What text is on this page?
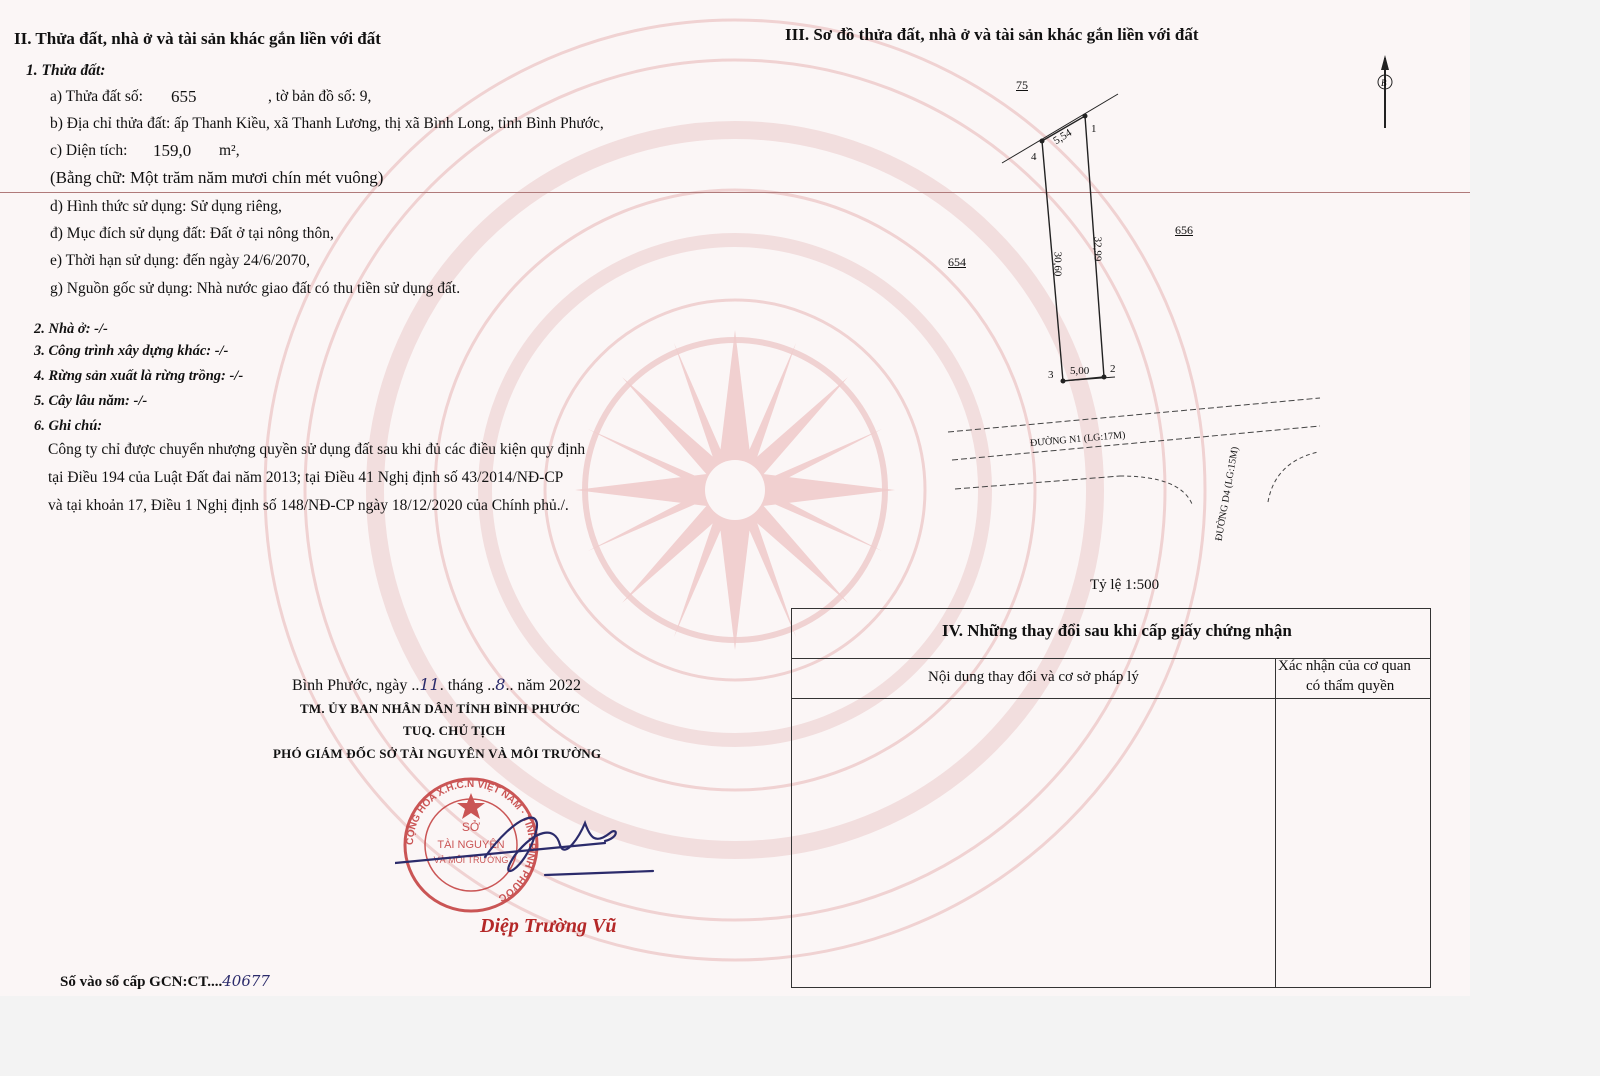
II. Thửa đất, nhà ở và tài sản khác gắn liền với đất
1. Thửa đất:
a) Thửa đất số: 655	, tờ bản đồ số: 9,
b) Địa chỉ thửa đất: ấp Thanh Kiều, xã Thanh Lương, thị xã Bình Long, tỉnh Bình Phước,
c) Diện tích: 159,0 m²,
(Bằng chữ: Một trăm năm mươi chín mét vuông)
d) Hình thức sử dụng: Sử dụng riêng,
đ) Mục đích sử dụng đất: Đất ở tại nông thôn,
e) Thời hạn sử dụng: đến ngày 24/6/2070,
g) Nguồn gốc sử dụng: Nhà nước giao đất có thu tiền sử dụng đất.
2. Nhà ở: -/-
3. Công trình xây dựng khác: -/-
4. Rừng sản xuất là rừng trồng: -/-
5. Cây lâu năm: -/-
6. Ghi chú:
Công ty chỉ được chuyển nhượng quyền sử dụng đất sau khi đủ các điều kiện quy định
tại Điều 194 của Luật Đất đai năm 2013; tại Điều 41 Nghị định số 43/2014/NĐ-CP
và tại khoản 17, Điều 1 Nghị định số 148/NĐ-CP ngày 18/12/2020 của Chính phủ./.
III. Sơ đồ thửa đất, nhà ở và tài sản khác gắn liền với đất
B
75
654
656
1
2
3
4
5,54
5,00
30,60
32,99
ĐƯỜNG N1 (LG:17M)
ĐƯỜNG D4 (LG:15M)
Tỷ lệ 1:500
IV. Những thay đổi sau khi cấp giấy chứng nhận
Nội dung thay đổi và cơ sở pháp lý
Xác nhận của cơ quan
có thẩm quyền
Bình Phước, ngày ..11. tháng ..8.. năm 2022
TM. ỦY BAN NHÂN DÂN TỈNH BÌNH PHƯỚC
TUQ. CHỦ TỊCH
PHÓ GIÁM ĐỐC SỞ TÀI NGUYÊN VÀ MÔI TRƯỜNG
CỘNG HÒA X.H.C.N VIỆT NAM · TỈNH BÌNH PHƯỚC
SỞ
TÀI NGUYÊN
VÀ MÔI TRƯỜNG
Diệp Trường Vũ
Số vào sổ cấp GCN:CT....40677
